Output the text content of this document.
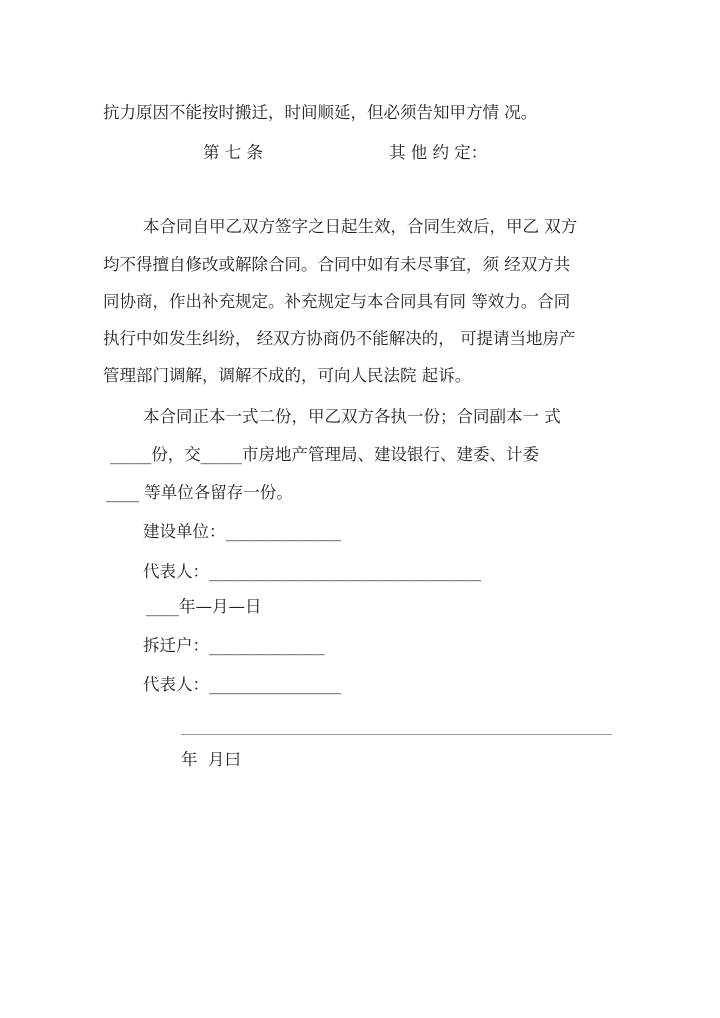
抗力原因不能按时搬迁，时间顺延，但必须告知甲方情 况。
第 七 条	其 他 约 定：
本合同自甲乙双方签字之日起生效，合同生效后，甲乙 双方
均不得擅自修改或解除合同。合同中如有未尽事宜，须 经双方共
同协商，作出补充规定。补充规定与本合同具有同 等效力。合同
执行中如发生纠纷， 经双方协商仍不能解决的， 可提请当地房产
管理部门调解，调解不成的，可向人民法院 起诉。
本合同正本一式二份，甲乙双方各执一份；合同副本一 式
_____份，交_____市房地产管理局、建设银行、建委、计委
____ 等单位各留存一份。
建设单位：______________
代表人：_________________________________
____年—月—日
拆迁户：______________
代表人：________________
年  月曰
